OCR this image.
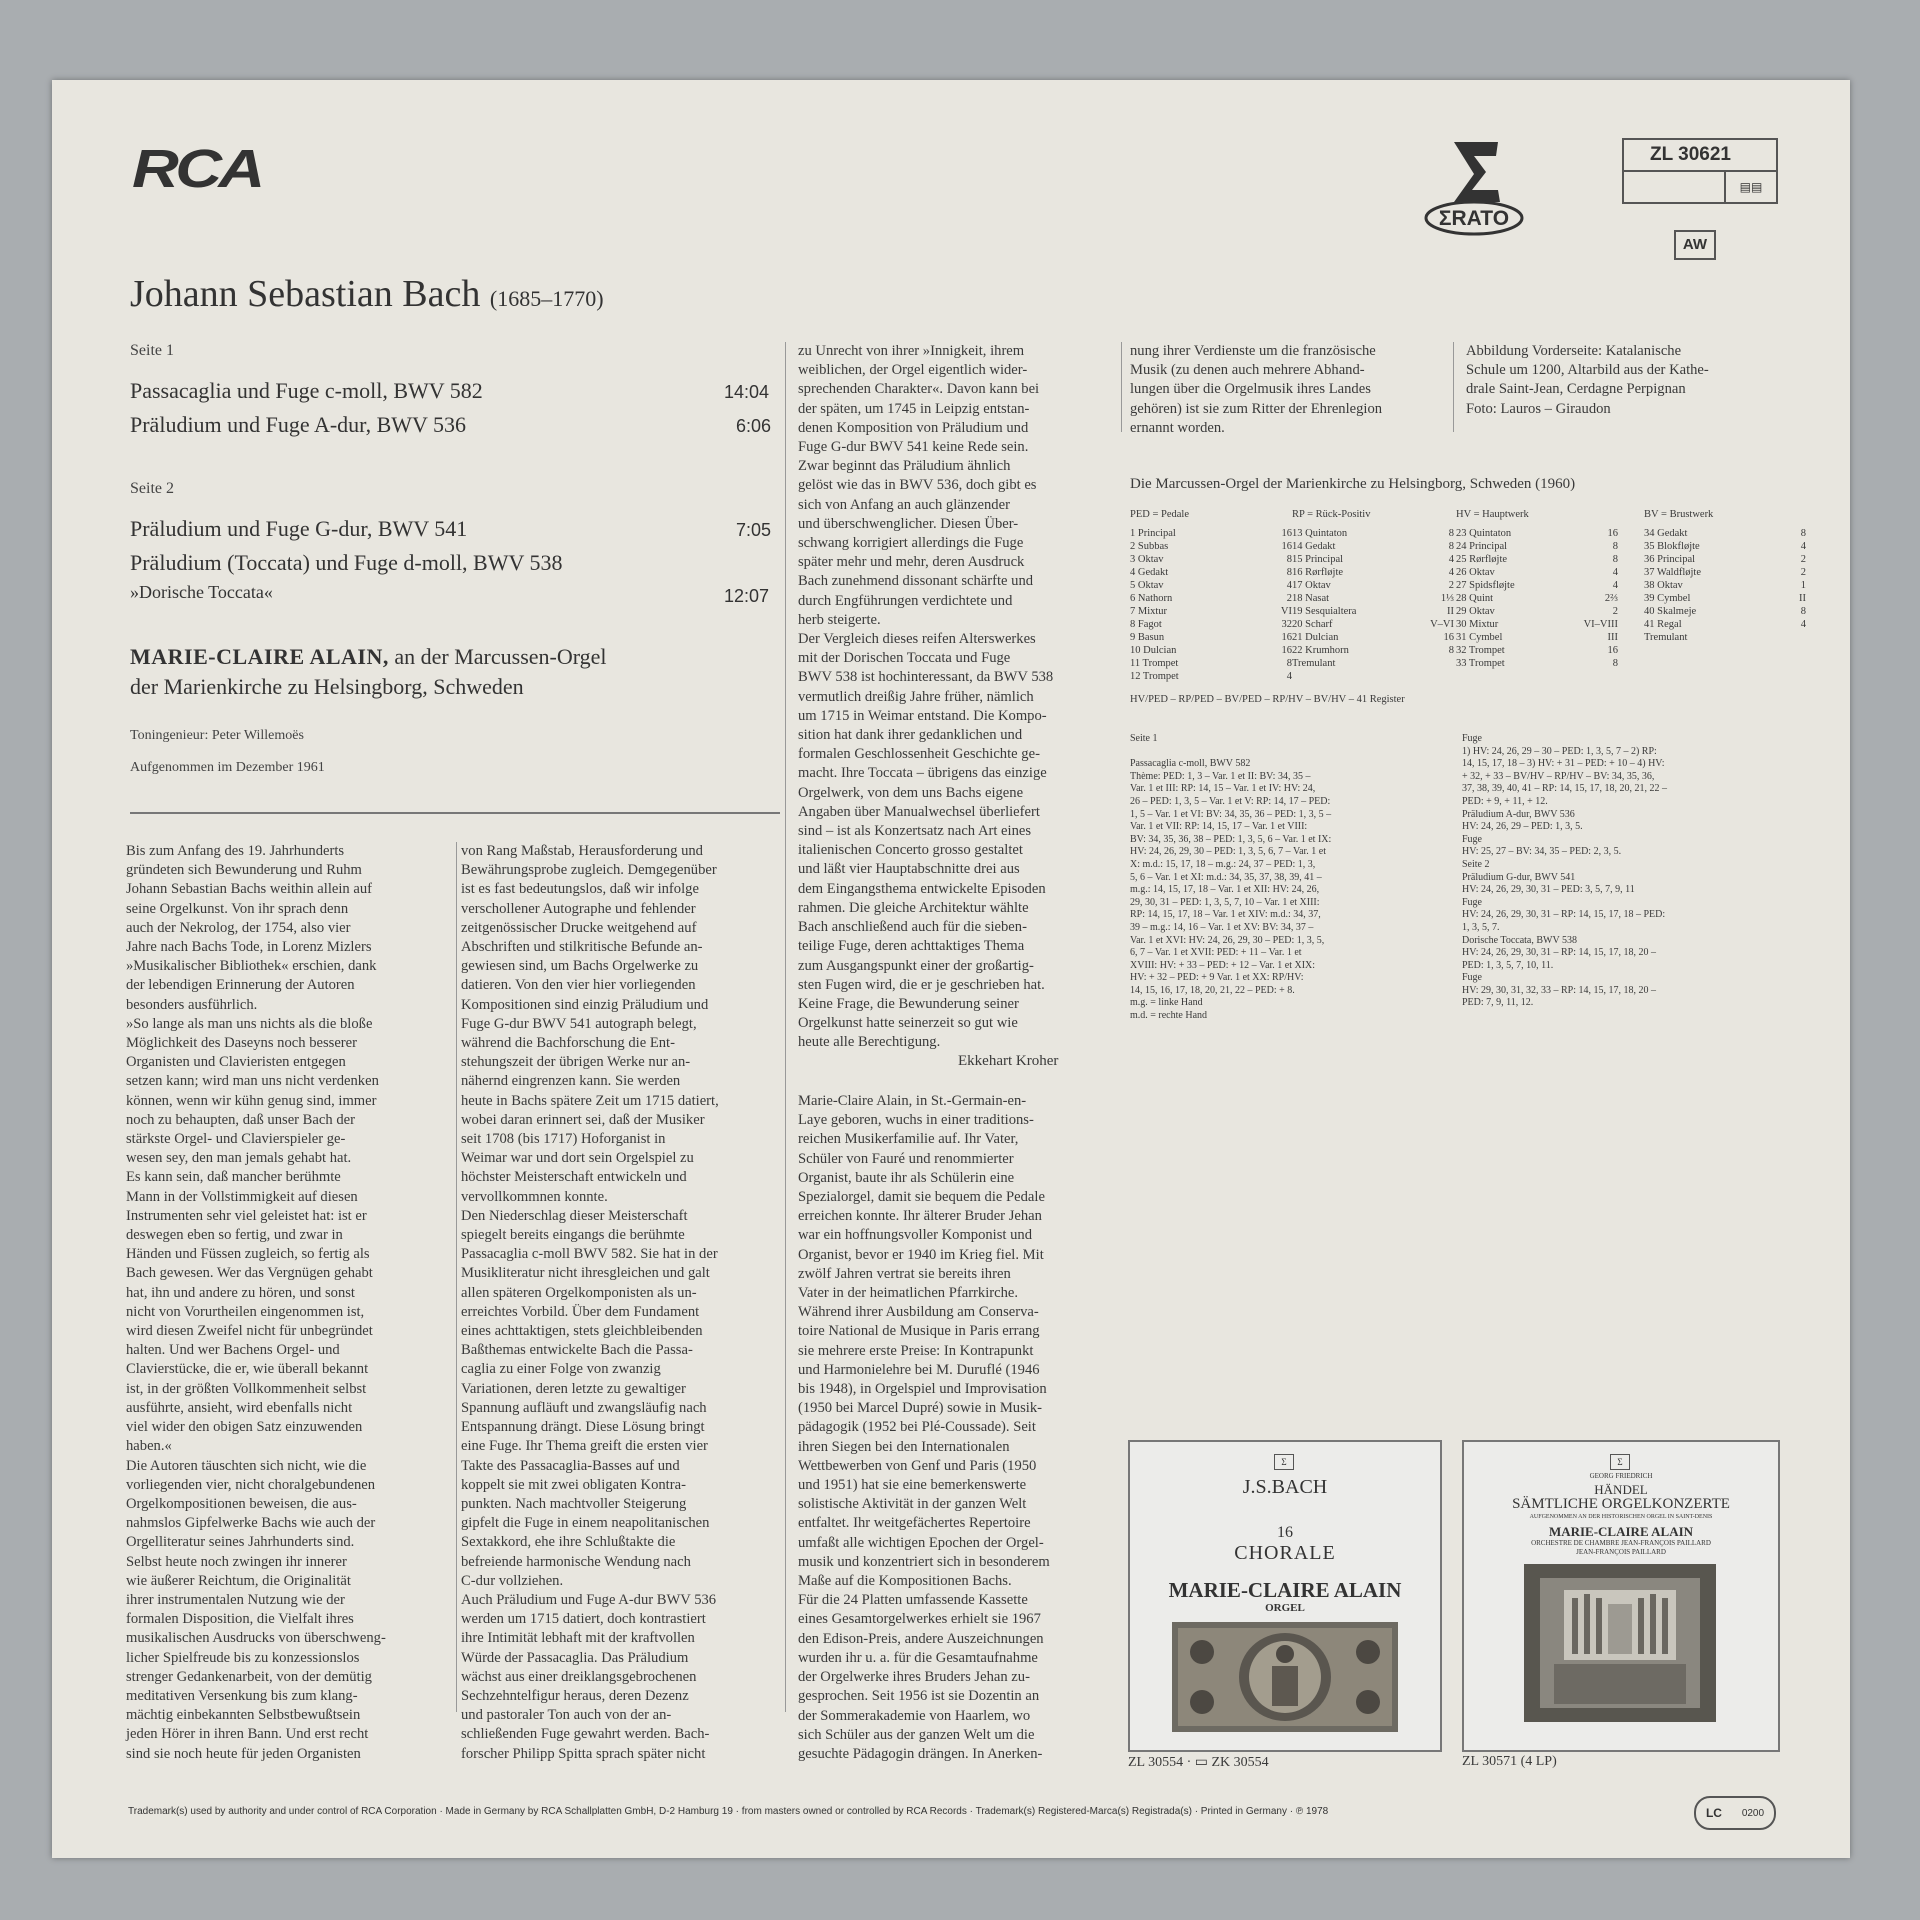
RCA
ΣRATO
ZL 30621
▤▤
AW
Johann Sebastian Bach (1685–1770)
Seite 1
Passacaglia und Fuge c-moll, BWV 582	14:04
Präludium und Fuge A-dur, BWV 536	6:06
Seite 2
Präludium und Fuge G-dur, BWV 541	7:05
Präludium (Toccata) und Fuge d-moll, BWV 538
»Dorische Toccata«	12:07
MARIE-CLAIRE ALAIN, an der Marcussen-Orgel
der Marienkirche zu Helsingborg, Schweden
Toningenieur: Peter Willemoës
Aufgenommen im Dezember 1961
Bis zum Anfang des 19. Jahrhunderts
gründeten sich Bewunderung und Ruhm
Johann Sebastian Bachs weithin allein auf
seine Orgelkunst. Von ihr sprach denn
auch der Nekrolog, der 1754, also vier
Jahre nach Bachs Tode, in Lorenz Mizlers
»Musikalischer Bibliothek« erschien, dank
der lebendigen Erinnerung der Autoren
besonders ausführlich.
»So lange als man uns nichts als die bloße
Möglichkeit des Daseyns noch besserer
Organisten und Clavieristen entgegen
setzen kann; wird man uns nicht verdenken
können, wenn wir kühn genug sind, immer
noch zu behaupten, daß unser Bach der
stärkste Orgel- und Clavierspieler ge-
wesen sey, den man jemals gehabt hat.
Es kann sein, daß mancher berühmte
Mann in der Vollstimmigkeit auf diesen
Instrumenten sehr viel geleistet hat: ist er
deswegen eben so fertig, und zwar in
Händen und Füssen zugleich, so fertig als
Bach gewesen. Wer das Vergnügen gehabt
hat, ihn und andere zu hören, und sonst
nicht von Vorurtheilen eingenommen ist,
wird diesen Zweifel nicht für unbegründet
halten. Und wer Bachens Orgel- und
Clavierstücke, die er, wie überall bekannt
ist, in der größten Vollkommenheit selbst
ausführte, ansieht, wird ebenfalls nicht
viel wider den obigen Satz einzuwenden
haben.«
Die Autoren täuschten sich nicht, wie die
vorliegenden vier, nicht choralgebundenen
Orgelkompositionen beweisen, die aus-
nahmslos Gipfelwerke Bachs wie auch der
Orgelliteratur seines Jahrhunderts sind.
Selbst heute noch zwingen ihr innerer
wie äußerer Reichtum, die Originalität
ihrer instrumentalen Nutzung wie der
formalen Disposition, die Vielfalt ihres
musikalischen Ausdrucks von überschweng-
licher Spielfreude bis zu konzessionslos
strenger Gedankenarbeit, von der demütig
meditativen Versenkung bis zum klang-
mächtig einbekannten Selbstbewußtsein
jeden Hörer in ihren Bann. Und erst recht
sind sie noch heute für jeden Organisten
von Rang Maßstab, Herausforderung und
Bewährungsprobe zugleich. Demgegenüber
ist es fast bedeutungslos, daß wir infolge
verschollener Autographe und fehlender
zeitgenössischer Drucke weitgehend auf
Abschriften und stilkritische Befunde an-
gewiesen sind, um Bachs Orgelwerke zu
datieren. Von den vier hier vorliegenden
Kompositionen sind einzig Präludium und
Fuge G-dur BWV 541 autograph belegt,
während die Bachforschung die Ent-
stehungszeit der übrigen Werke nur an-
nähernd eingrenzen kann. Sie werden
heute in Bachs spätere Zeit um 1715 datiert,
wobei daran erinnert sei, daß der Musiker
seit 1708 (bis 1717) Hoforganist in
Weimar war und dort sein Orgelspiel zu
höchster Meisterschaft entwickeln und
vervollkommnen konnte.
Den Niederschlag dieser Meisterschaft
spiegelt bereits eingangs die berühmte
Passacaglia c-moll BWV 582. Sie hat in der
Musikliteratur nicht ihresgleichen und galt
allen späteren Orgelkomponisten als un-
erreichtes Vorbild. Über dem Fundament
eines achttaktigen, stets gleichbleibenden
Baßthemas entwickelte Bach die Passa-
caglia zu einer Folge von zwanzig
Variationen, deren letzte zu gewaltiger
Spannung aufläuft und zwangsläufig nach
Entspannung drängt. Diese Lösung bringt
eine Fuge. Ihr Thema greift die ersten vier
Takte des Passacaglia-Basses auf und
koppelt sie mit zwei obligaten Kontra-
punkten. Nach machtvoller Steigerung
gipfelt die Fuge in einem neapolitanischen
Sextakkord, ehe ihre Schlußtakte die
befreiende harmonische Wendung nach
C-dur vollziehen.
Auch Präludium und Fuge A-dur BWV 536
werden um 1715 datiert, doch kontrastiert
ihre Intimität lebhaft mit der kraftvollen
Würde der Passacaglia. Das Präludium
wächst aus einer dreiklangsgebrochenen
Sechzehntelfigur heraus, deren Dezenz
und pastoraler Ton auch von der an-
schließenden Fuge gewahrt werden. Bach-
forscher Philipp Spitta sprach später nicht
zu Unrecht von ihrer »Innigkeit, ihrem
weiblichen, der Orgel eigentlich wider-
sprechenden Charakter«. Davon kann bei
der späten, um 1745 in Leipzig entstan-
denen Komposition von Präludium und
Fuge G-dur BWV 541 keine Rede sein.
Zwar beginnt das Präludium ähnlich
gelöst wie das in BWV 536, doch gibt es
sich von Anfang an auch glänzender
und überschwenglicher. Diesen Über-
schwang korrigiert allerdings die Fuge
später mehr und mehr, deren Ausdruck
Bach zunehmend dissonant schärfte und
durch Engführungen verdichtete und
herb steigerte.
Der Vergleich dieses reifen Alterswerkes
mit der Dorischen Toccata und Fuge
BWV 538 ist hochinteressant, da BWV 538
vermutlich dreißig Jahre früher, nämlich
um 1715 in Weimar entstand. Die Kompo-
sition hat dank ihrer gedanklichen und
formalen Geschlossenheit Geschichte ge-
macht. Ihre Toccata – übrigens das einzige
Orgelwerk, von dem uns Bachs eigene
Angaben über Manualwechsel überliefert
sind – ist als Konzertsatz nach Art eines
italienischen Concerto grosso gestaltet
und läßt vier Hauptabschnitte drei aus
dem Eingangsthema entwickelte Episoden
rahmen. Die gleiche Architektur wählte
Bach anschließend auch für die sieben-
teilige Fuge, deren achttaktiges Thema
zum Ausgangspunkt einer der großartig-
sten Fugen wird, die er je geschrieben hat.
Keine Frage, die Bewunderung seiner
Orgelkunst hatte seinerzeit so gut wie
heute alle Berechtigung.
Ekkehart Kroher
Marie-Claire Alain, in St.-Germain-en-
Laye geboren, wuchs in einer traditions-
reichen Musikerfamilie auf. Ihr Vater,
Schüler von Fauré und renommierter
Organist, baute ihr als Schülerin eine
Spezialorgel, damit sie bequem die Pedale
erreichen konnte. Ihr älterer Bruder Jehan
war ein hoffnungsvoller Komponist und
Organist, bevor er 1940 im Krieg fiel. Mit
zwölf Jahren vertrat sie bereits ihren
Vater in der heimatlichen Pfarrkirche.
Während ihrer Ausbildung am Conserva-
toire National de Musique in Paris errang
sie mehrere erste Preise: In Kontrapunkt
und Harmonielehre bei M. Duruflé (1946
bis 1948), in Orgelspiel und Improvisation
(1950 bei Marcel Dupré) sowie in Musik-
pädagogik (1952 bei Plé-Coussade). Seit
ihren Siegen bei den Internationalen
Wettbewerben von Genf und Paris (1950
und 1951) hat sie eine bemerkenswerte
solistische Aktivität in der ganzen Welt
entfaltet. Ihr weitgefächertes Repertoire
umfaßt alle wichtigen Epochen der Orgel-
musik und konzentriert sich in besonderem
Maße auf die Kompositionen Bachs.
Für die 24 Platten umfassende Kassette
eines Gesamtorgelwerkes erhielt sie 1967
den Edison-Preis, andere Auszeichnungen
wurden ihr u. a. für die Gesamtaufnahme
der Orgelwerke ihres Bruders Jehan zu-
gesprochen. Seit 1956 ist sie Dozentin an
der Sommerakademie von Haarlem, wo
sich Schüler aus der ganzen Welt um die
gesuchte Pädagogin drängen. In Anerken-
nung ihrer Verdienste um die französische
Musik (zu denen auch mehrere Abhand-
lungen über die Orgelmusik ihres Landes
gehören) ist sie zum Ritter der Ehrenlegion
ernannt worden.
Abbildung Vorderseite: Katalanische
Schule um 1200, Altarbild aus der Kathe-
drale Saint-Jean, Cerdagne Perpignan
Foto: Lauros – Giraudon
Die Marcussen-Orgel der Marienkirche zu Helsingborg, Schweden (1960)
PED = Pedale
1 Principal	16
2 Subbas	16
3 Oktav	8
4 Gedakt	8
5 Oktav	4
6 Nathorn	2
7 Mixtur	VI
8 Fagot	32
9 Basun	16
10 Dulcian	16
11 Trompet	8
12 Trompet	4
RP = Rück-Positiv
13 Quintaton	8
14 Gedakt	8
15 Principal	4
16 Rørfløjte	4
17 Oktav	2
18 Nasat	1⅓
19 Sesquialtera	II
20 Scharf	V–VI
21 Dulcian	16
22 Krumhorn	8
Tremulant
HV = Hauptwerk
23 Quintaton	16
24 Principal	8
25 Rørfløjte	8
26 Oktav	4
27 Spidsfløjte	4
28 Quint	2⅔
29 Oktav	2
30 Mixtur	VI–VIII
31 Cymbel	III
32 Trompet	16
33 Trompet	8
BV = Brustwerk
34 Gedakt	8
35 Blokfløjte	4
36 Principal	2
37 Waldfløjte	2
38 Oktav	1
39 Cymbel	II
40 Skalmeje	8
41 Regal	4
Tremulant
HV/PED – RP/PED – BV/PED – RP/HV – BV/HV – 41 Register
Seite 1

Passacaglia c-moll, BWV 582
Thème: PED: 1, 3 – Var. 1 et II: BV: 34, 35 –
Var. 1 et III: RP: 14, 15 – Var. 1 et IV: HV: 24,
26 – PED: 1, 3, 5 – Var. 1 et V: RP: 14, 17 – PED:
1, 5 – Var. 1 et VI: BV: 34, 35, 36 – PED: 1, 3, 5 –
Var. 1 et VII: RP: 14, 15, 17 – Var. 1 et VIII:
BV: 34, 35, 36, 38 – PED: 1, 3, 5, 6 – Var. 1 et IX:
HV: 24, 26, 29, 30 – PED: 1, 3, 5, 6, 7 – Var. 1 et
X: m.d.: 15, 17, 18 – m.g.: 24, 37 – PED: 1, 3,
5, 6 – Var. 1 et XI: m.d.: 34, 35, 37, 38, 39, 41 –
m.g.: 14, 15, 17, 18 – Var. 1 et XII: HV: 24, 26,
29, 30, 31 – PED: 1, 3, 5, 7, 10 – Var. 1 et XIII:
RP: 14, 15, 17, 18 – Var. 1 et XIV: m.d.: 34, 37,
39 – m.g.: 14, 16 – Var. 1 et XV: BV: 34, 37 –
Var. 1 et XVI: HV: 24, 26, 29, 30 – PED: 1, 3, 5,
6, 7 – Var. 1 et XVII: PED: + 11 – Var. 1 et
XVIII: HV: + 33 – PED: + 12 – Var. 1 et XIX:
HV: + 32 – PED: + 9 Var. 1 et XX: RP/HV:
14, 15, 16, 17, 18, 20, 21, 22 – PED: + 8.
m.g. = linke Hand
m.d. = rechte Hand
Fuge
1) HV: 24, 26, 29 – 30 – PED: 1, 3, 5, 7 – 2) RP:
14, 15, 17, 18 – 3) HV: + 31 – PED: + 10 – 4) HV:
+ 32, + 33 – BV/HV – RP/HV – BV: 34, 35, 36,
37, 38, 39, 40, 41 – RP: 14, 15, 17, 18, 20, 21, 22 –
PED: + 9, + 11, + 12.
Präludium A-dur, BWV 536
HV: 24, 26, 29 – PED: 1, 3, 5.
Fuge
HV: 25, 27 – BV: 34, 35 – PED: 2, 3, 5.
Seite 2
Präludium G-dur, BWV 541
HV: 24, 26, 29, 30, 31 – PED: 3, 5, 7, 9, 11
Fuge
HV: 24, 26, 29, 30, 31 – RP: 14, 15, 17, 18 – PED:
1, 3, 5, 7.
Dorische Toccata, BWV 538
HV: 24, 26, 29, 30, 31 – RP: 14, 15, 17, 18, 20 –
PED: 1, 3, 5, 7, 10, 11.
Fuge
HV: 29, 30, 31, 32, 33 – RP: 14, 15, 17, 18, 20 –
PED: 7, 9, 11, 12.
Σ
J.S.BACH
16
CHORALE
MARIE-CLAIRE ALAIN
ORGEL
ZL 30554 · ▭ ZK 30554
Σ
GEORG FRIEDRICH
HÄNDEL
SÄMTLICHE ORGELKONZERTE
AUFGENOMMEN AN DER HISTORISCHEN ORGEL IN SAINT-DENIS
MARIE-CLAIRE ALAIN
ORCHESTRE DE CHAMBRE JEAN-FRANÇOIS PAILLARD
JEAN-FRANÇOIS PAILLARD
ZL 30571 (4 LP)
Trademark(s) used by authority and under control of RCA Corporation · Made in Germany by RCA Schallplatten GmbH, D-2 Hamburg 19 · from masters owned or controlled by RCA Records · Trademark(s) Registered-Marca(s) Registrada(s) · Printed in Germany · ℗ 1978	LC 0200
